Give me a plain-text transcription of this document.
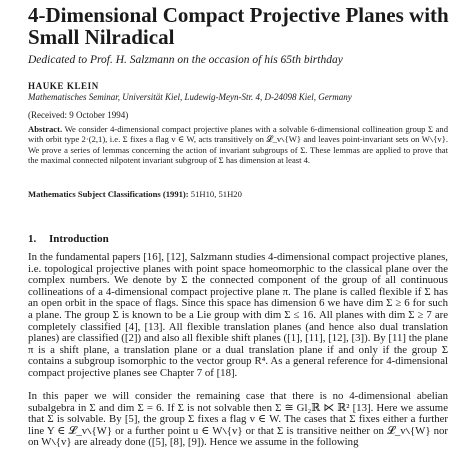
4-Dimensional Compact Projective Planes with Small Nilradical
Dedicated to Prof. H. Salzmann on the occasion of his 65th birthday
HAUKE KLEIN
Mathematisches Seminar, Universität Kiel, Ludewig-Meyn-Str. 4, D-24098 Kiel, Germany
(Received: 9 October 1994)

Abstract. We consider 4-dimensional compact projective planes with a solvable 6-dimensional collineation group Σ and with orbit type 2·(2,1), i.e. Σ fixes a flag v ∈ W, acts transitively on 𝓛_v∖{W} and leaves point-invariant sets on W∖{v}. We prove a series of lemmas concerning the action of invariant subgroups of Σ. These lemmas are applied to prove that the maximal connected nilpotent invariant subgroup of Σ has dimension at least 4.

Mathematics Subject Classifications (1991): 51H10, 51H20
1. Introduction

In the fundamental papers [16], [12], Salzmann studies 4-dimensional compact projective planes, i.e. topological projective planes with point space homeomorphic to the classical plane over the complex numbers. We denote by Σ the connected component of the group of all continuous collineations of a 4-dimensional compact projective plane π. The plane is called flexible if Σ has an open orbit in the space of flags. Since this space has dimension 6 we have dim Σ ≥ 6 for such a plane. The group Σ is known to be a Lie group with dim Σ ≤ 16. All planes with dim Σ ≥ 7 are completely classified [4], [13]. All flexible translation planes (and hence also dual translation planes) are classified ([2]) and also all flexible shift planes ([1], [11], [12], [3]). By [11] the plane π is a shift plane, a translation plane or a dual translation plane if and only if the group Σ contains a subgroup isomorphic to the vector group R⁴. As a general reference for 4-dimensional compact projective planes see Chapter 7 of [18].

In this paper we will consider the remaining case that there is no 4-dimensional abelian subalgebra in Σ and dim Σ = 6. If Σ is not solvable then Σ ≅ Gl₂ℝ ⋉ ℝ² [13]. Here we assume that Σ is solvable. By [5], the group Σ fixes a flag v ∈ W. The cases that Σ fixes either a further line Y ∈ 𝓛_v∖{W} or a further point u ∈ W∖{v} or that Σ is transitive neither on 𝓛_v∖{W} nor on W∖{v} are already done ([5], [8], [9]). Hence we assume in the following
